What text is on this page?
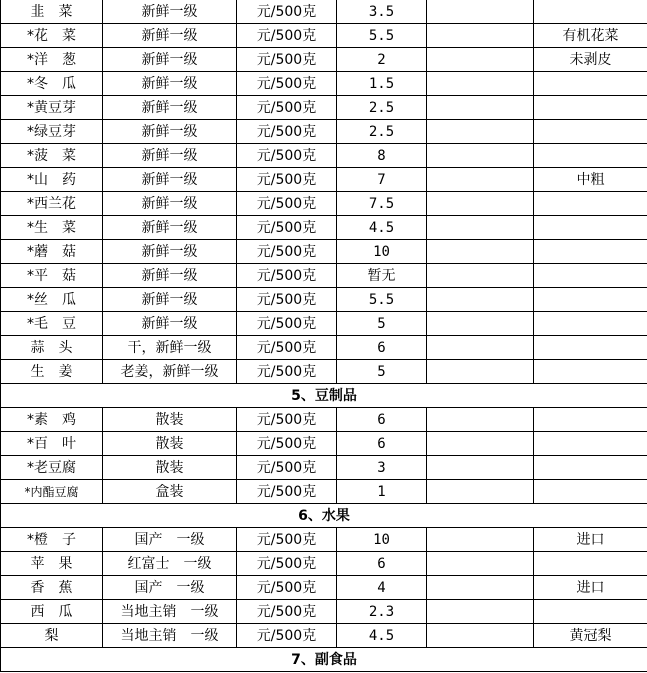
韭　菜	新鲜一级	元/500克	3.5		
*花　菜	新鲜一级	元/500克	5.5		有机花菜
*洋　葱	新鲜一级	元/500克	2		未剥皮
*冬　瓜	新鲜一级	元/500克	1.5		
*黄豆芽	新鲜一级	元/500克	2.5		
*绿豆芽	新鲜一级	元/500克	2.5		
*菠　菜	新鲜一级	元/500克	8		
*山　药	新鲜一级	元/500克	7		中粗
*西兰花	新鲜一级	元/500克	7.5		
*生　菜	新鲜一级	元/500克	4.5		
*蘑　菇	新鲜一级	元/500克	10		
*平　菇	新鲜一级	元/500克	暂无		
*丝　瓜	新鲜一级	元/500克	5.5		
*毛　豆	新鲜一级	元/500克	5		
蒜　头	干，新鲜一级	元/500克	6		
生　姜	老姜，新鲜一级	元/500克	5		
5、豆制品					
*素　鸡	散装	元/500克	6		
*百　叶	散装	元/500克	6		
*老豆腐	散装	元/500克	3		
*内酯豆腐	盒装	元/500克	1		
6、水果					
*橙　子	国产　一级	元/500克	10		进口
苹　果	红富士　一级	元/500克	6		
香　蕉	国产　一级	元/500克	4		进口
西　瓜	当地主销　一级	元/500克	2.3		
梨	当地主销　一级	元/500克	4.5		黄冠梨
7、副食品					
